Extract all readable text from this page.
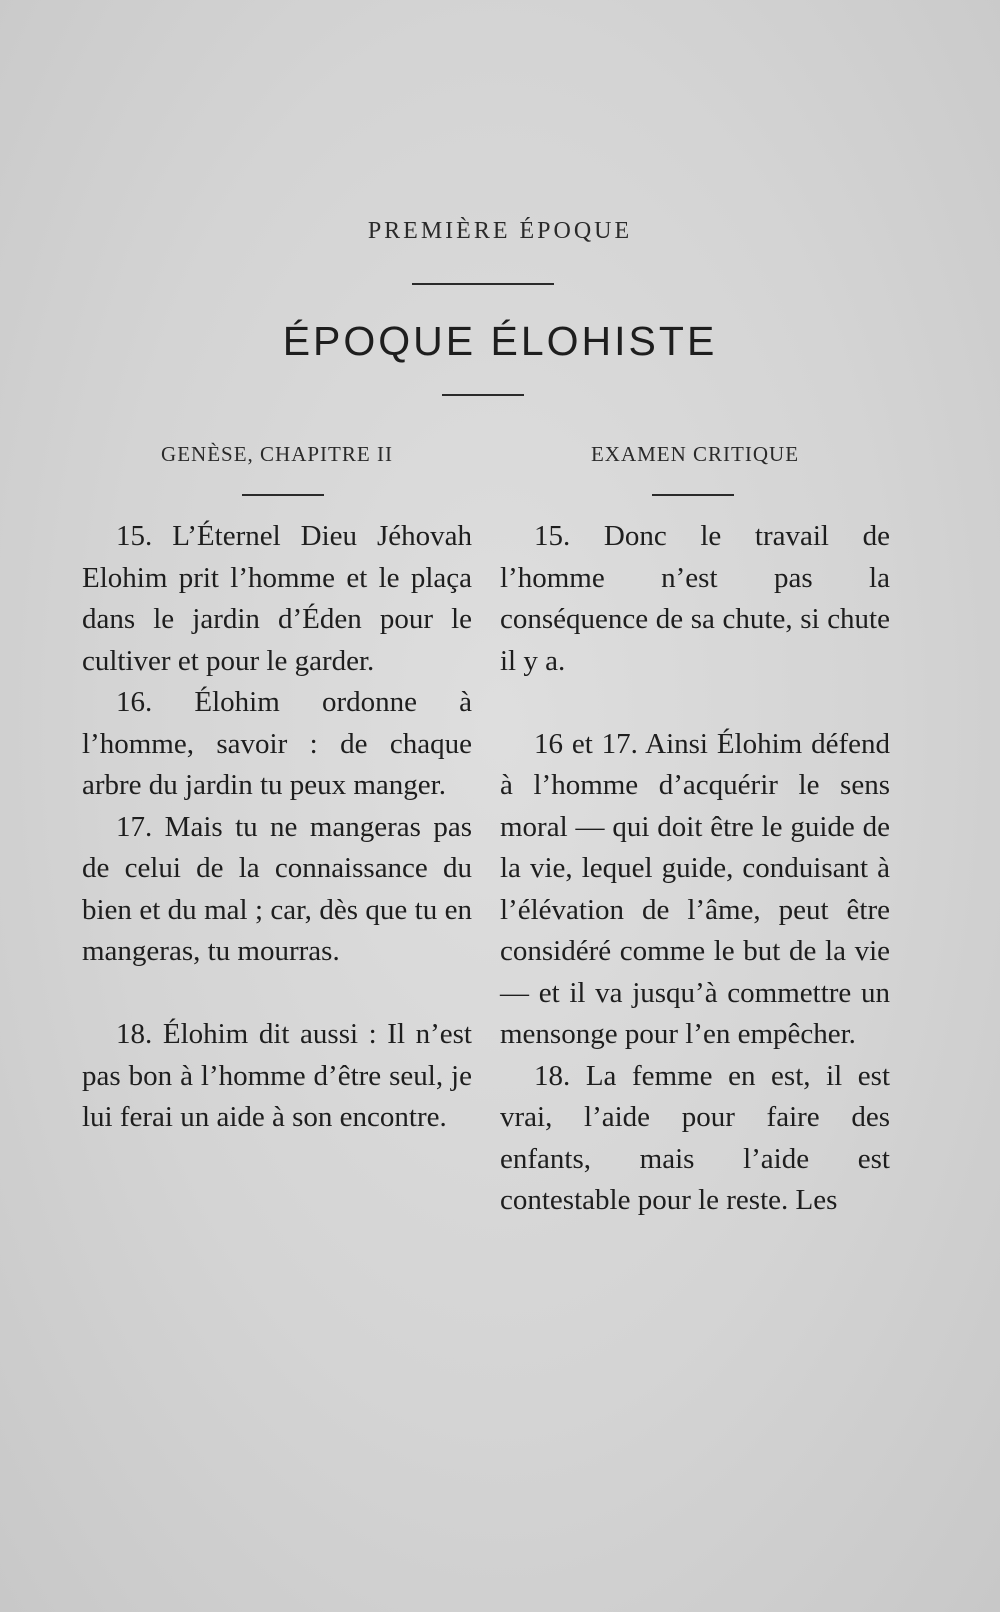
PREMIÈRE ÉPOQUE
ÉPOQUE ÉLOHISTE
GENÈSE, CHAPITRE II	EXAMEN CRITIQUE

15. L’Éternel Dieu Jéhovah Elohim prit l’homme et le plaça dans le jardin d’Éden pour le cultiver et pour le garder.

16. Élohim ordonne à l’homme, savoir : de chaque arbre du jardin tu peux manger.

17. Mais tu ne mangeras pas de celui de la connaissance du bien et du mal ; car, dès que tu en mangeras, tu mourras.

18. Élohim dit aussi : Il n’est pas bon à l’homme d’être seul, je lui ferai un aide à son encontre.

15. Donc le travail de l’homme n’est pas la conséquence de sa chute, si chute il y a.

16 et 17. Ainsi Élohim défend à l’homme d’acquérir le sens moral — qui doit être le guide de la vie, lequel guide, conduisant à l’élévation de l’âme, peut être considéré comme le but de la vie — et il va jusqu’à commettre un mensonge pour l’en empêcher.

18. La femme en est, il est vrai, l’aide pour faire des enfants, mais l’aide est contestable pour le reste. Les
